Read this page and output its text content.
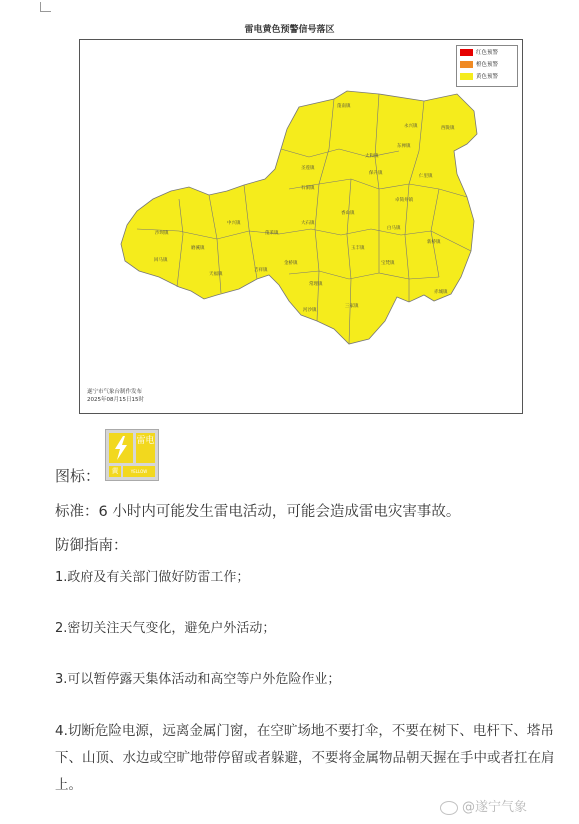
雷电黄色预警信号落区
蓬南镇
永兴镇	西陇镇
圣莲镇
仁里镇
石洞镇
卓筒井镇
玉丰镇
三家镇
中兴镇
沙坝镇
磨溪镇
蓬莱镇
大石镇
回马镇
天福镇
吉祥镇
金桥镇	宝梵镇
赤城镇
白马镇
常理镇
新桥镇
香山镇
河沙镇
太和镇
东禅镇
保升镇
红色预警
橙色预警
黄色预警
遂宁市气象台制作发布
2025年08月15日15时
图标：
雷电
黄	YELLOW
标准：6 小时内可能发生雷电活动，可能会造成雷电灾害事故。
防御指南：
1.政府及有关部门做好防雷工作；
2.密切关注天气变化，避免户外活动；
3.可以暂停露天集体活动和高空等户外危险作业；
4.切断危险电源，远离金属门窗，在空旷场地不要打伞，不要在树下、电杆下、塔吊下、山顶、水边或空旷地带停留或者躲避，不要将金属物品朝天握在手中或者扛在肩上。
@遂宁气象
